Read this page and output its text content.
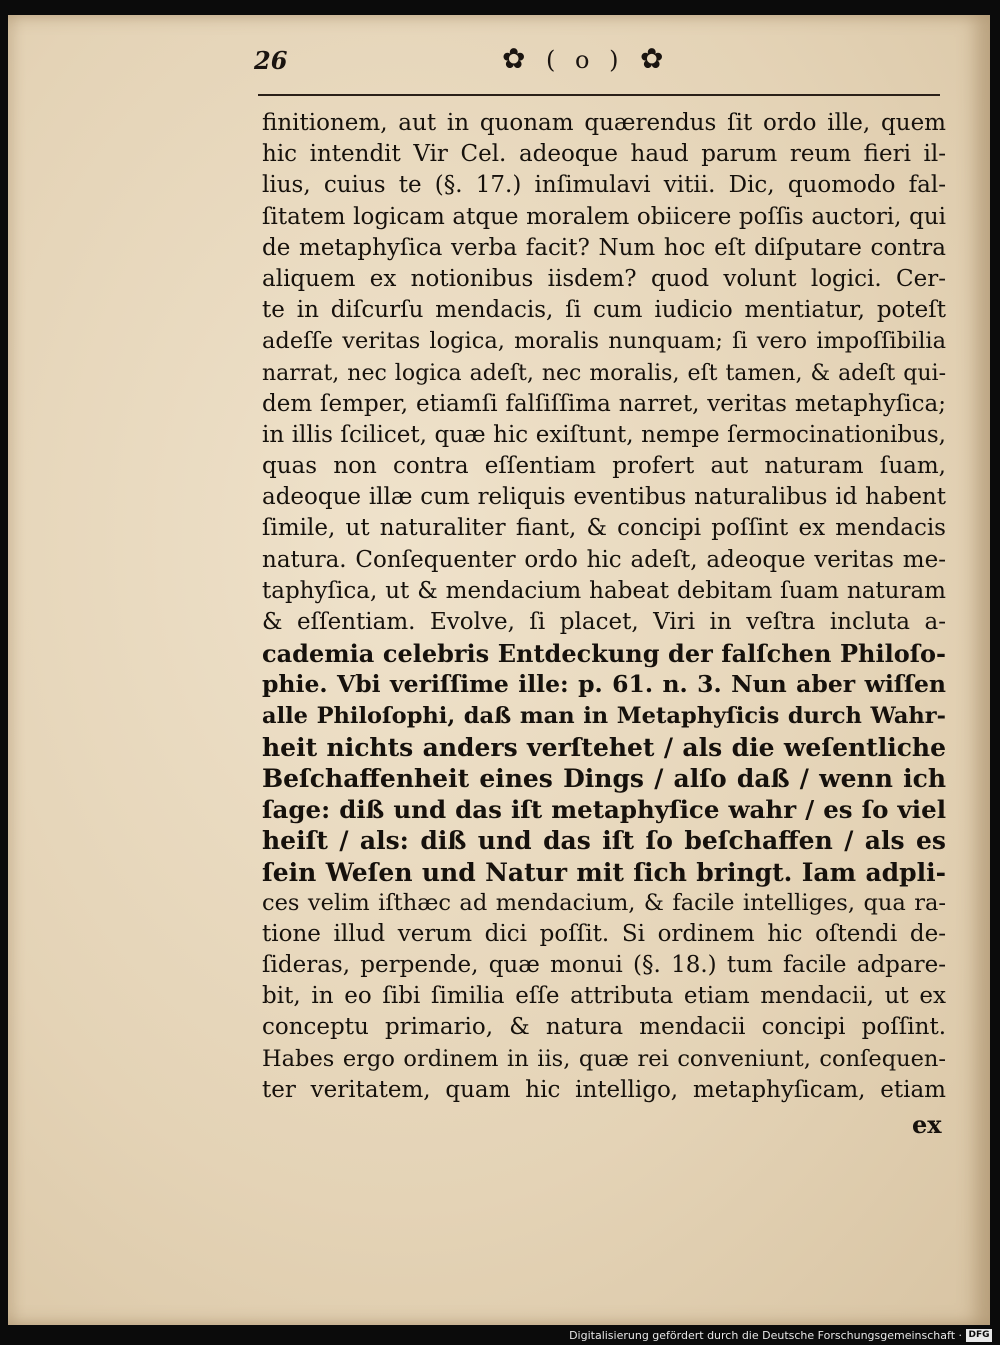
26	✿ ( o ) ✿
finitionem, aut in quonam quærendus ſit ordo ille, quem
hic intendit Vir Cel. adeoque haud parum reum fieri il-
lius, cuius te (§. 17.) inſimulavi vitii. Dic, quomodo fal-
ſitatem logicam atque moralem obiicere poſſis auctori, qui
de metaphyſica verba facit? Num hoc eſt diſputare contra
aliquem ex notionibus iisdem? quod volunt logici. Cer-
te in diſcurſu mendacis, ſi cum iudicio mentiatur, poteſt
adeſſe veritas logica, moralis nunquam; ſi vero impoſſibilia
narrat, nec logica adeſt, nec moralis, eſt tamen, & adeſt qui-
dem ſemper, etiamſi falſiſſima narret, veritas metaphyſica;
in illis ſcilicet, quæ hic exiſtunt, nempe ſermocinationibus,
quas non contra eſſentiam profert aut naturam ſuam,
adeoque illæ cum reliquis eventibus naturalibus id habent
ſimile, ut naturaliter fiant, & concipi poſſint ex mendacis
natura. Conſequenter ordo hic adeſt, adeoque veritas me-
taphyſica, ut & mendacium habeat debitam ſuam naturam
& eſſentiam. Evolve, ſi placet, Viri in veſtra incluta a-
cademia celebris Entdeckung der falſchen Philoſo-
phie. Vbi veriſſime ille: p. 61. n. 3. Nun aber wiſſen
alle Philoſophi, daß man in Metaphyſicis durch Wahr-
heit nichts anders verſtehet / als die weſentliche
Beſchaffenheit eines Dings / alſo daß / wenn ich
ſage: diß und das iſt metaphyſice wahr / es ſo viel
heiſt / als: diß und das iſt ſo beſchaffen / als es
ſein Weſen und Natur mit ſich bringt. Iam adpli-
ces velim iſthæc ad mendacium, & facile intelliges, qua ra-
tione illud verum dici poſſit. Si ordinem hic oſtendi de-
ſideras, perpende, quæ monui (§. 18.) tum facile adpare-
bit, in eo ſibi ſimilia eſſe attributa etiam mendacii, ut ex
conceptu primario, & natura mendacii concipi poſſint.
Habes ergo ordinem in iis, quæ rei conveniunt, conſequen-
ter veritatem, quam hic intelligo, metaphyſicam, etiam
ex
Digitalisierung gefördert durch die Deutsche Forschungsgemeinschaft · DFG
